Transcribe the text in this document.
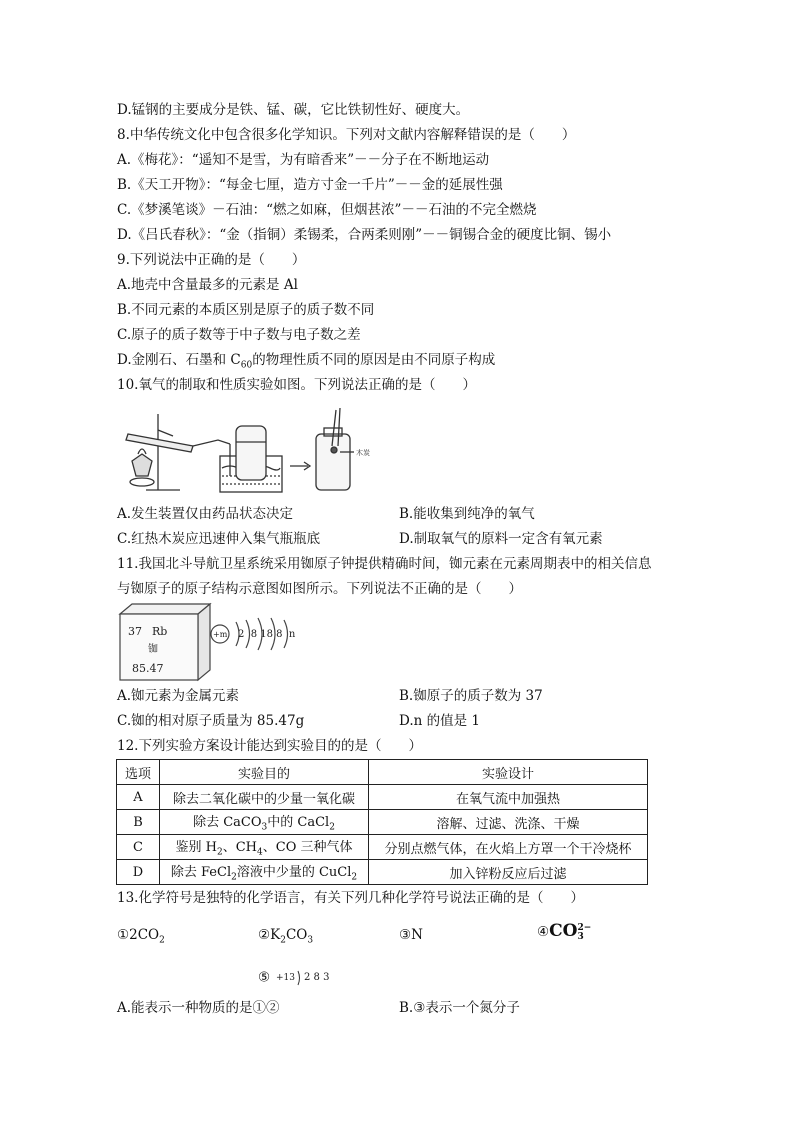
D.锰钢的主要成分是铁、锰、碳，它比铁韧性好、硬度大。
8.中华传统文化中包含很多化学知识。下列对文献内容解释错误的是（　　）
A.《梅花》：“遥知不是雪，为有暗香来”－－分子在不断地运动
B.《天工开物》：“每金七厘，造方寸金一千片”－－金的延展性强
C.《梦溪笔谈》－石油：“燃之如麻，但烟甚浓”－－石油的不完全燃烧
D.《吕氏春秋》：“金（指铜）柔锡柔，合两柔则刚”－－铜锡合金的硬度比铜、锡小
9.下列说法中正确的是（　　）
A.地壳中含量最多的元素是 Al
B.不同元素的本质区别是原子的质子数不同
C.原子的质子数等于中子数与电子数之差
D.金刚石、石墨和 $C_{60}$的物理性质不同的原因是由不同原子构成
10.氧气的制取和性质实验如图。下列说法正确的是（　　）
木炭
A.发生装置仅由药品状态决定	B.能收集到纯净的氧气
C.红热木炭应迅速伸入集气瓶瓶底	D.制取氧气的原料一定含有氧元素
11.我国北斗导航卫星系统采用铷原子钟提供精确时间，铷元素在元素周期表中的相关信息
与铷原子的原子结构示意图如图所示。下列说法不正确的是（　　）
37 Rb
铷
85.47
+m 2  8 18 8  n
A.铷元素为金属元素	B.铷原子的质子数为 37
C.铷的相对原子质量为 85.47g	D.n 的值是 1
12.下列实验方案设计能达到实验目的的是（　　）
选项	实验目的	实验设计
A	除去二氧化碳中的少量一氧化碳	在氧气流中加强热
B	除去 CaCO$_3$中的 CaCl$_2$	溶解、过滤、洗涤、干燥
C	鉴别 $H_2$、$CH_4$、CO 三种气体	分别点燃气体，在火焰上方罩一个干冷烧杯
D	除去 FeCl$_2$溶液中少量的 CuCl$_2$	加入锌粉反应后过滤
13.化学符号是独特的化学语言，有关下列几种化学符号说法正确的是（　　）
$①2CO_2$	$②K_2CO_3$	③N	④CO 2−
3
⑤ +13 2 8 3
A.能表示一种物质的是①②	B.③表示一个氮分子
